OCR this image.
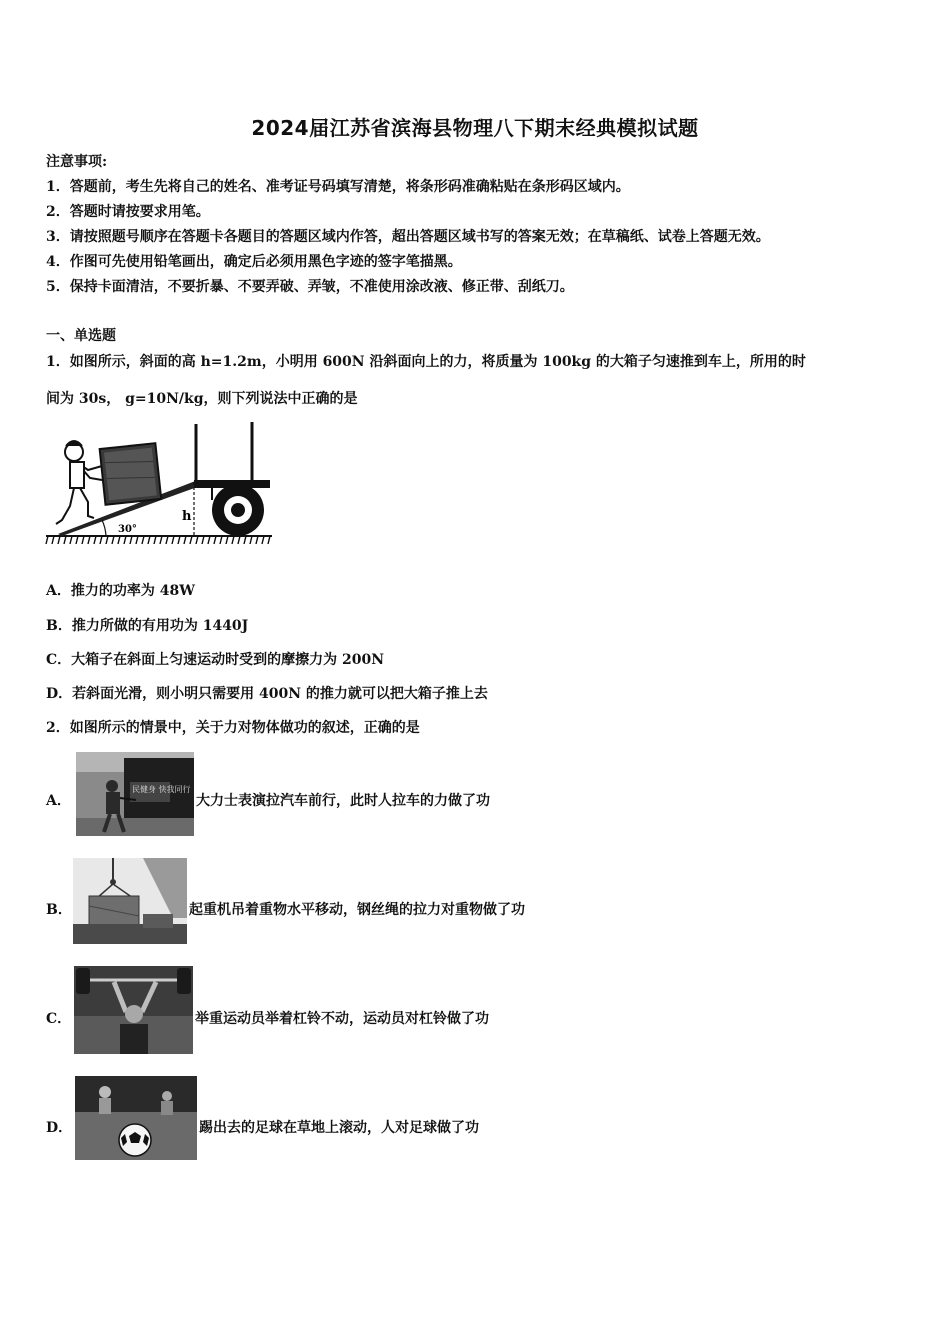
2024届江苏省滨海县物理八下期末经典模拟试题
注意事项:
1．答题前，考生先将自己的姓名、准考证号码填写清楚，将条形码准确粘贴在条形码区域内。
2．答题时请按要求用笔。
3．请按照题号顺序在答题卡各题目的答题区域内作答，超出答题区域书写的答案无效；在草稿纸、试卷上答题无效。
4．作图可先使用铅笔画出，确定后必须用黑色字迹的签字笔描黑。
5．保持卡面清洁，不要折暴、不要弄破、弄皱，不准使用涂改液、修正带、刮纸刀。
一、单选题
1．如图所示，斜面的高 h=1.2m，小明用 600N 沿斜面向上的力，将质量为 100kg 的大箱子匀速推到车上，所用的时
间为 30s， g=10N/kg，则下列说法中正确的是
30°
h
A．推力的功率为 48W
B．推力所做的有用功为 1440J
C．大箱子在斜面上匀速运动时受到的摩擦力为 200N
D．若斜面光滑，则小明只需要用 400N 的推力就可以把大箱子推上去
2．如图所示的情景中，关于力对物体做功的叙述，正确的是
A．
民健身 快我同行
大力士表演拉汽车前行，此时人拉车的力做了功
B．	起重机吊着重物水平移动，钢丝绳的拉力对重物做了功
C．	举重运动员举着杠铃不动，运动员对杠铃做了功
D．	踢出去的足球在草地上滚动，人对足球做了功
